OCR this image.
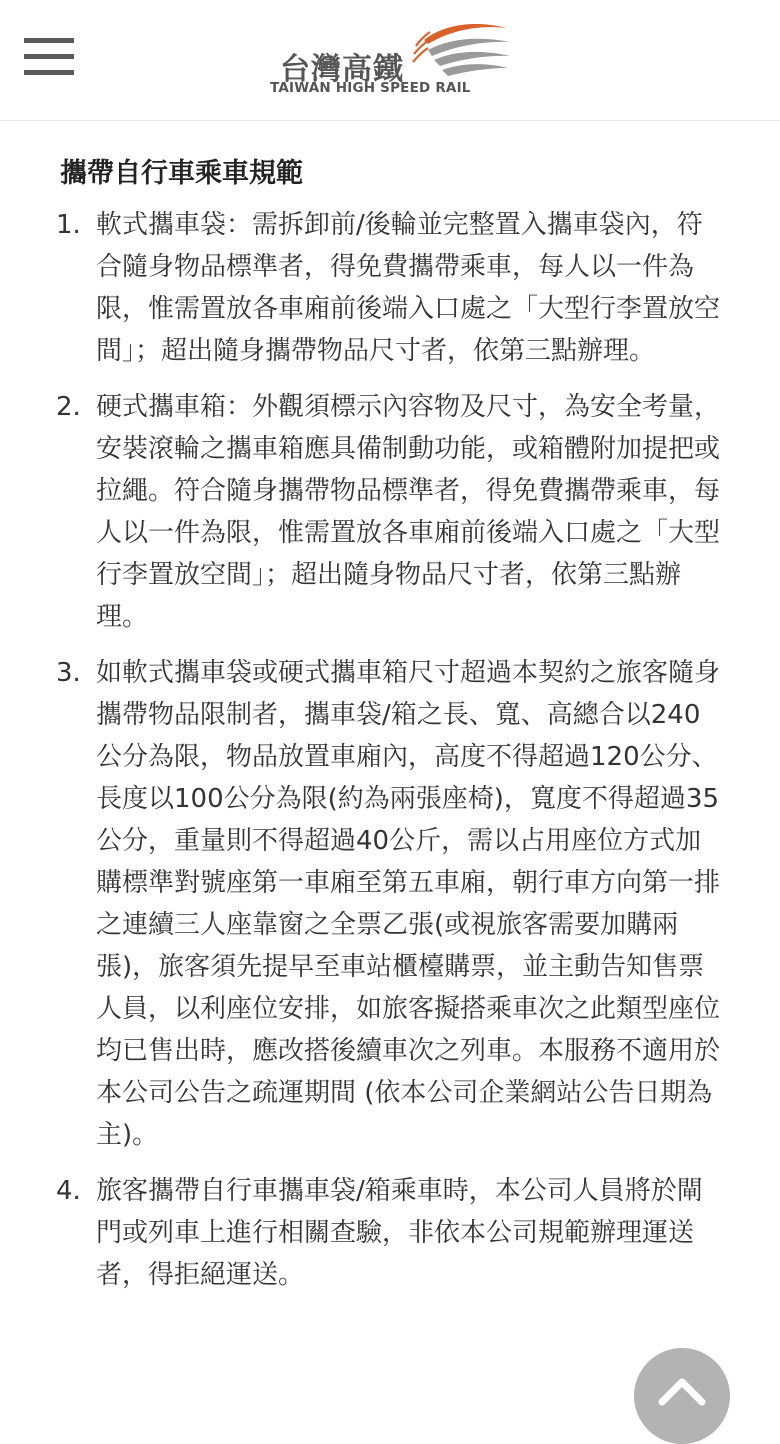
台灣高鐵
TAIWAN HIGH SPEED RAIL
攜帶自行車乘車規範
1. 軟式攜車袋：需拆卸前/後輪並完整置入攜車袋內，符合隨身物品標準者，得免費攜帶乘車，每人以一件為限，惟需置放各車廂前後端入口處之「大型行李置放空間」；超出隨身攜帶物品尺寸者，依第三點辦理。
2. 硬式攜車箱：外觀須標示內容物及尺寸，為安全考量，安裝滾輪之攜車箱應具備制動功能，或箱體附加提把或拉繩。符合隨身攜帶物品標準者，得免費攜帶乘車，每人以一件為限，惟需置放各車廂前後端入口處之「大型行李置放空間」；超出隨身物品尺寸者，依第三點辦理。
3. 如軟式攜車袋或硬式攜車箱尺寸超過本契約之旅客隨身攜帶物品限制者，攜車袋/箱之長、寬、高總合以240公分為限，物品放置車廂內，高度不得超過120公分、長度以100公分為限(約為兩張座椅)，寬度不得超過35公分，重量則不得超過40公斤，需以占用座位方式加購標準對號座第一車廂至第五車廂，朝行車方向第一排之連續三人座靠窗之全票乙張(或視旅客需要加購兩張)，旅客須先提早至車站櫃檯購票，並主動告知售票人員，以利座位安排，如旅客擬搭乘車次之此類型座位均已售出時，應改搭後續車次之列車。本服務不適用於本公司公告之疏運期間 (依本公司企業網站公告日期為主)。
4. 旅客攜帶自行車攜車袋/箱乘車時，本公司人員將於閘門或列車上進行相關查驗，非依本公司規範辦理運送者，得拒絕運送。
